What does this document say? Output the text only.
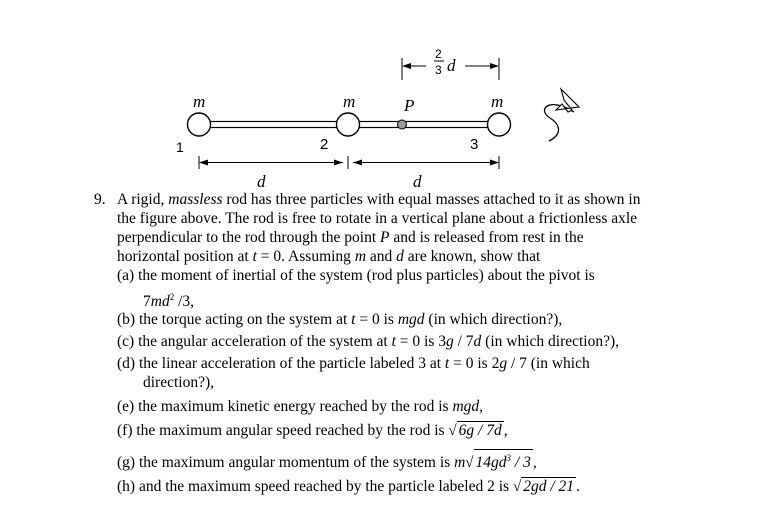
m	m	m
P
1	2	3
d	d
2
3 d
9. A rigid, massless rod has three particles with equal masses attached to it as shown in
the figure above. The rod is free to rotate in a vertical plane about a frictionless axle
perpendicular to the rod through the point P and is released from rest in the
horizontal position at t = 0. Assuming m and d are known, show that
(a) the moment of inertial of the system (rod plus particles) about the pivot is
$7md^2$ /3,
(b) the torque acting on the system at t = 0 is mgd (in which direction?),
(c) the angular acceleration of the system at t = 0 is 3g / 7d (in which direction?),
(d) the linear acceleration of the particle labeled 3 at t = 0 is 2g / 7 (in which
direction?),
(e) the maximum kinetic energy reached by the rod is mgd,
(f) the maximum angular speed reached by the rod is √ 6g / 7d ,
(g) the maximum angular momentum of the system is m√ $14gd^3 / 3$ ,
(h) and the maximum speed reached by the particle labeled 2 is √ 2gd / 21 .
